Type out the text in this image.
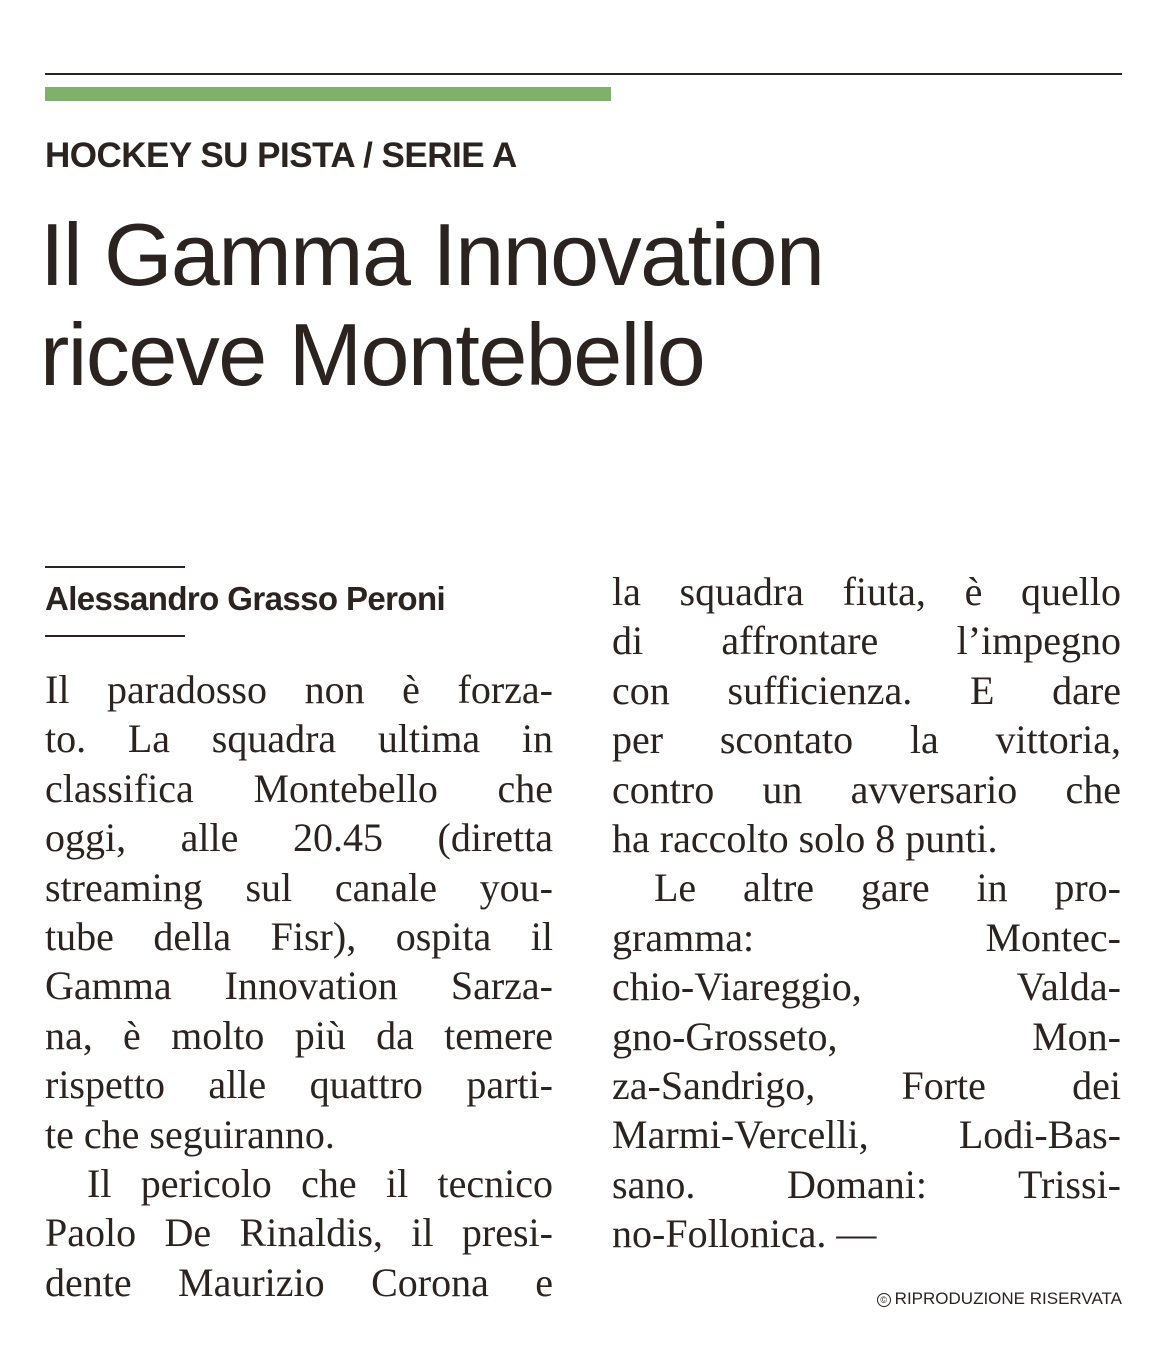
HOCKEY SU PISTA / SERIE A
Il Gamma Innovation
riceve Montebello
Alessandro Grasso Peroni
Il paradosso non è forza-
to. La squadra ultima in
classifica Montebello che
oggi, alle 20.45 (diretta
streaming sul canale you-
tube della Fisr), ospita il
Gamma Innovation Sarza-
na, è molto più da temere
rispetto alle quattro parti-
te che seguiranno.
Il pericolo che il tecnico
Paolo De Rinaldis, il presi-
dente Maurizio Corona e
la squadra fiuta, è quello
di affrontare l’impegno
con sufficienza. E dare
per scontato la vittoria,
contro un avversario che
ha raccolto solo 8 punti.
Le altre gare in pro-
gramma: Montec-
chio-Viareggio, Valda-
gno-Grosseto, Mon-
za-Sandrigo, Forte dei
Marmi-Vercelli, Lodi-Bas-
sano. Domani: Trissi-
no-Follonica. —
© RIPRODUZIONE RISERVATA
